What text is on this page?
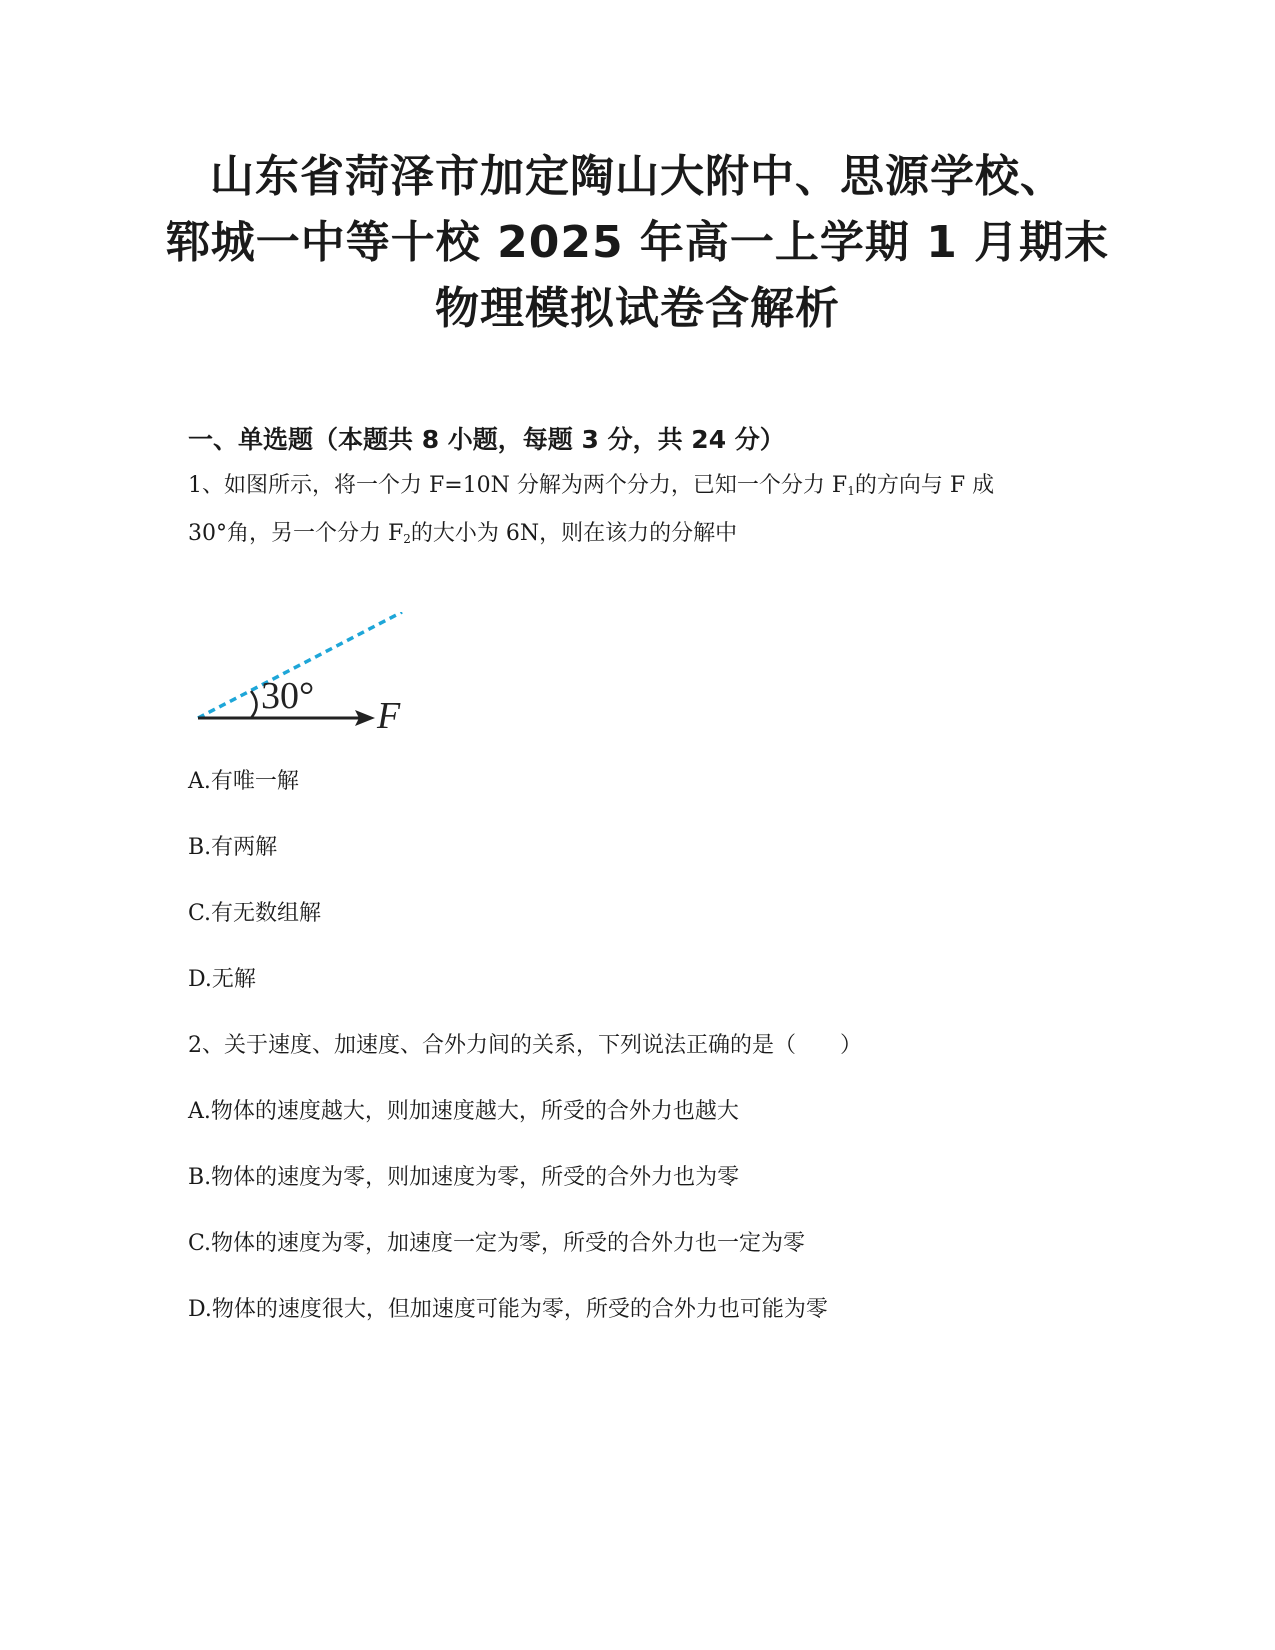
山东省菏泽市加定陶山大附中、思源学校、
郓城一中等十校 2025 年高一上学期 1 月期末
物理模拟试卷含解析
一、单选题（本题共 8 小题，每题 3 分，共 24 分）
1、如图所示，将一个力 F=10N 分解为两个分力，已知一个分力 $F_1$的方向与 F 成
30°角，另一个分力 $F_2$的大小为 6N，则在该力的分解中
30° F
A.有唯一解
B.有两解
C.有无数组解
D.无解
2、关于速度、加速度、合外力间的关系，下列说法正确的是（　　）
A.物体的速度越大，则加速度越大，所受的合外力也越大
B.物体的速度为零，则加速度为零，所受的合外力也为零
C.物体的速度为零，加速度一定为零，所受的合外力也一定为零
D.物体的速度很大，但加速度可能为零，所受的合外力也可能为零
